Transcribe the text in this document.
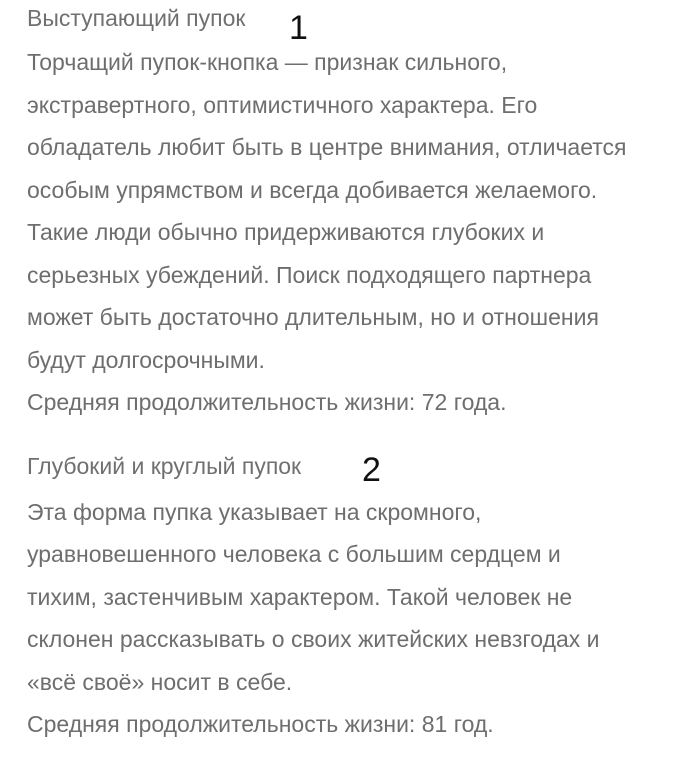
Выступающий пупок 1

Торчащий пупок-кнопка — признак сильного,
экстравертного, оптимистичного характера. Его
обладатель любит быть в центре внимания, отличается
особым упрямством и всегда добивается желаемого.
Такие люди обычно придерживаются глубоких и
серьезных убеждений. Поиск подходящего партнера
может быть достаточно длительным, но и отношения
будут долгосрочными.

Средняя продолжительность жизни: 72 года.

Глубокий и круглый пупок 2

Эта форма пупка указывает на скромного,
уравновешенного человека с большим сердцем и
тихим, застенчивым характером. Такой человек не
склонен рассказывать о своих житейских невзгодах и
«всё своё» носит в себе.

Средняя продолжительность жизни: 81 год.
